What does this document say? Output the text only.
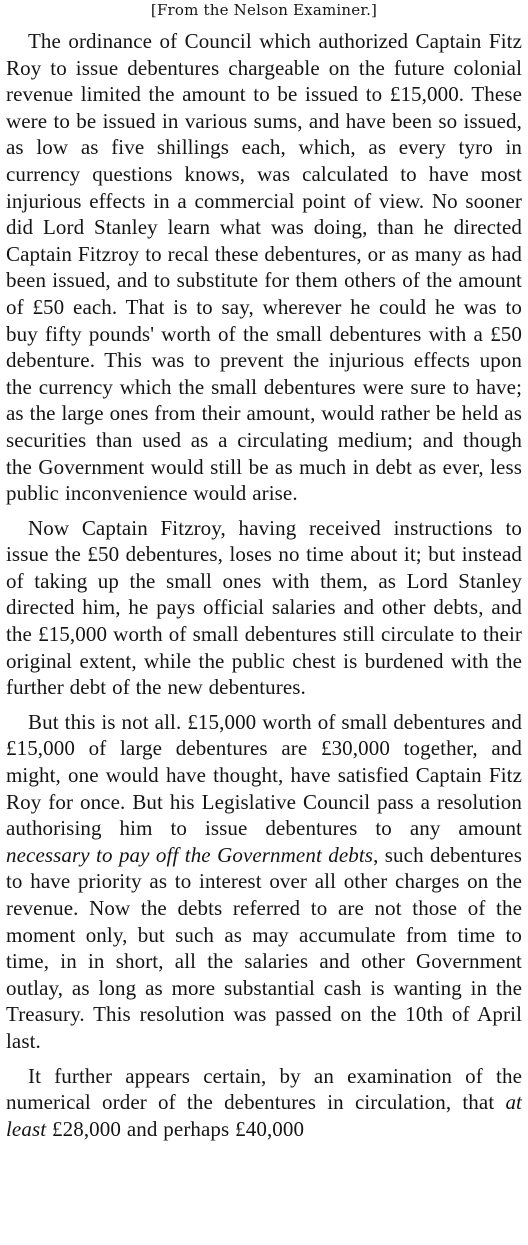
[From the Nelson Examiner.]

The ordinance of Council which authorized Captain Fitz Roy to issue debentures chargeable on the future colonial revenue limited the amount to be issued to £15,000. These were to be issued in various sums, and have been so issued, as low as five shillings each, which, as every tyro in currency questions knows, was calculated to have most injurious effects in a commercial point of view. No sooner did Lord Stanley learn what was doing, than he directed Captain Fitzroy to recal these debentures, or as many as had been issued, and to substitute for them others of the amount of £50 each. That is to say, wherever he could he was to buy fifty pounds' worth of the small debentures with a £50 debenture. This was to prevent the injurious effects upon the currency which the small debentures were sure to have; as the large ones from their amount, would rather be held as securities than used as a circulating medium; and though the Government would still be as much in debt as ever, less public inconvenience would arise.

Now Captain Fitzroy, having received instructions to issue the £50 debentures, loses no time about it; but instead of taking up the small ones with them, as Lord Stanley directed him, he pays official salaries and other debts, and the £15,000 worth of small debentures still circulate to their original extent, while the public chest is burdened with the further debt of the new debentures.

But this is not all. £15,000 worth of small debentures and £15,000 of large debentures are £30,000 together, and might, one would have thought, have satisfied Captain Fitz Roy for once. But his Legislative Council pass a resolution authorising him to issue debentures to any amount necessary to pay off the Government debts, such debentures to have priority as to interest over all other charges on the revenue. Now the debts referred to are not those of the moment only, but such as may accumulate from time to time, in in short, all the salaries and other Government outlay, as long as more substantial cash is wanting in the Treasury. This resolution was passed on the 10th of April last.

It further appears certain, by an examination of the numerical order of the debentures in circulation, that at least £28,000 and perhaps £40,000
